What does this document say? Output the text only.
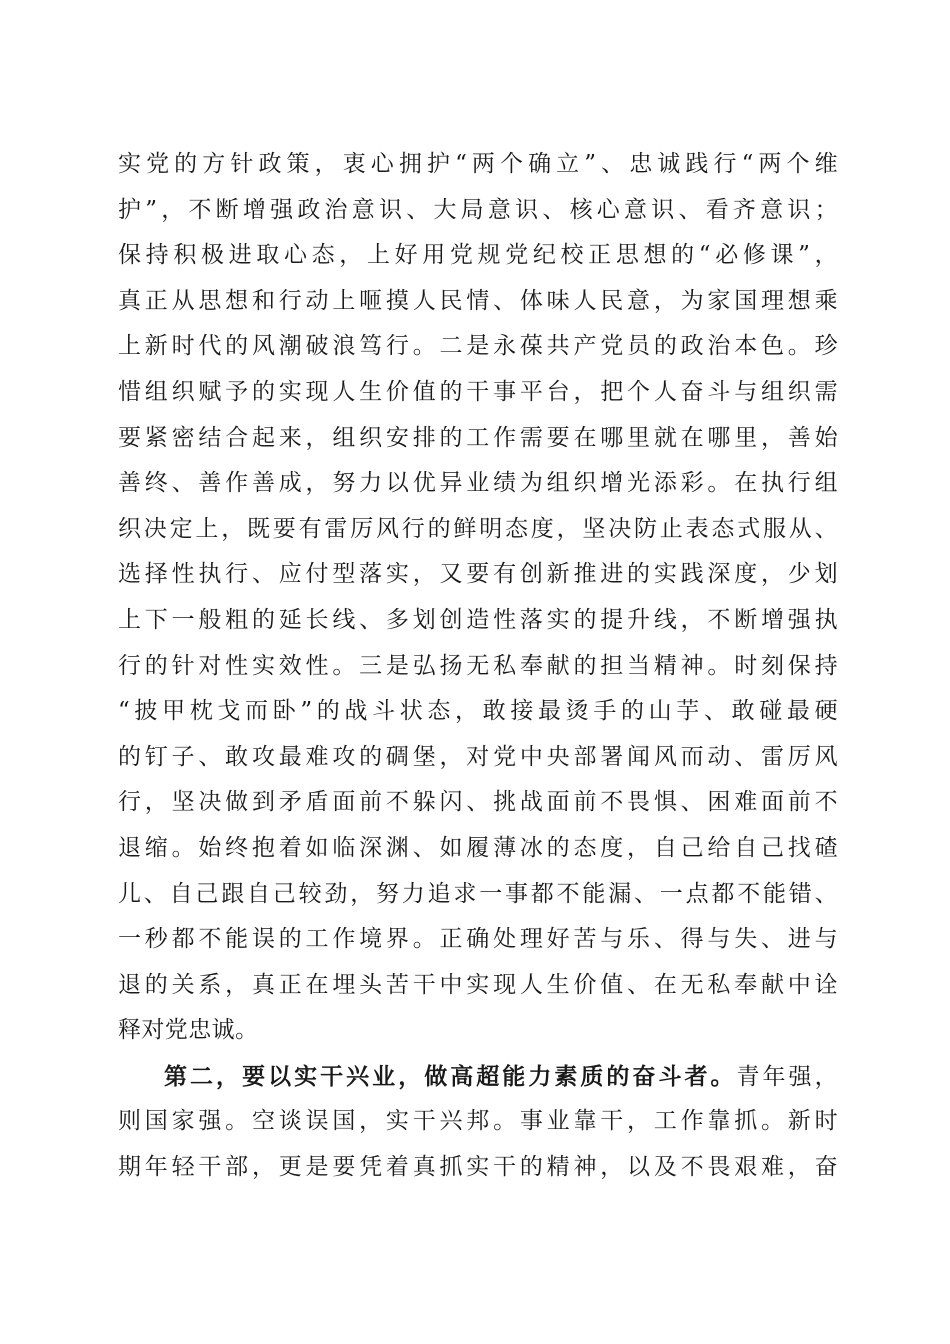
实党的方针政策，衷心拥护“两个确立”、忠诚践行“两个维
护”，不断增强政治意识、大局意识、核心意识、看齐意识；
保持积极进取心态，上好用党规党纪校正思想的“必修课”，
真正从思想和行动上咂摸人民情、体味人民意，为家国理想乘
上新时代的风潮破浪笃行。二是永葆共产党员的政治本色。珍
惜组织赋予的实现人生价值的干事平台，把个人奋斗与组织需
要紧密结合起来，组织安排的工作需要在哪里就在哪里，善始
善终、善作善成，努力以优异业绩为组织增光添彩。在执行组
织决定上，既要有雷厉风行的鲜明态度，坚决防止表态式服从、
选择性执行、应付型落实，又要有创新推进的实践深度，少划
上下一般粗的延长线、多划创造性落实的提升线，不断增强执
行的针对性实效性。三是弘扬无私奉献的担当精神。时刻保持
“披甲枕戈而卧”的战斗状态，敢接最烫手的山芋、敢碰最硬
的钉子、敢攻最难攻的碉堡，对党中央部署闻风而动、雷厉风
行，坚决做到矛盾面前不躲闪、挑战面前不畏惧、困难面前不
退缩。始终抱着如临深渊、如履薄冰的态度，自己给自己找碴
儿、自己跟自己较劲，努力追求一事都不能漏、一点都不能错、
一秒都不能误的工作境界。正确处理好苦与乐、得与失、进与
退的关系，真正在埋头苦干中实现人生价值、在无私奉献中诠
释对党忠诚。
第二，要以实干兴业，做高超能力素质的奋斗者。青年强，
则国家强。空谈误国，实干兴邦。事业靠干，工作靠抓。新时
期年轻干部，更是要凭着真抓实干的精神，以及不畏艰难，奋
